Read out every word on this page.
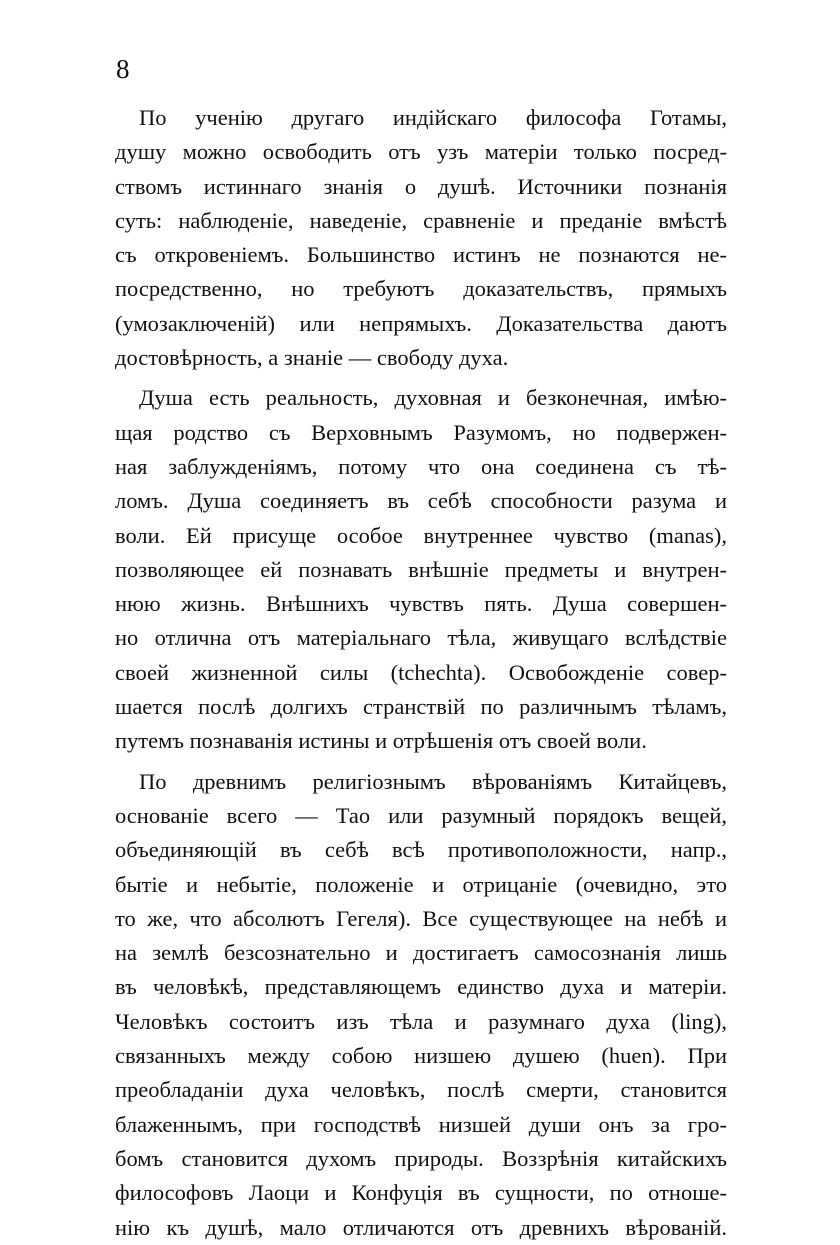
8
По ученію другаго индійскаго философа Готамы,
душу можно освободить отъ узъ матеріи только посред-
ствомъ истиннаго знанія о душѣ. Источники познанія
суть: наблюденіе, наведеніе, сравненіе и преданіе вмѣстѣ
съ откровеніемъ. Большинство истинъ не познаются не-
посредственно, но требуютъ доказательствъ, прямыхъ
(умозаключеній) или непрямыхъ. Доказательства даютъ
достовѣрность, а знаніе — свободу духа.
Душа есть реальность, духовная и безконечная, имѣю-
щая родство съ Верховнымъ Разумомъ, но подвержен-
ная заблужденіямъ, потому что она соединена съ тѣ-
ломъ. Душа соединяетъ въ себѣ способности разума и
воли. Ей присуще особое внутреннее чувство (manas),
позволяющее ей познавать внѣшніе предметы и внутрен-
нюю жизнь. Внѣшнихъ чувствъ пять. Душа совершен-
но отлична отъ матеріальнаго тѣла, живущаго вслѣдствіе
своей жизненной силы (tchechta). Освобожденіе совер-
шается послѣ долгихъ странствій по различнымъ тѣламъ,
путемъ познаванія истины и отрѣшенія отъ своей воли.
По древнимъ религіознымъ вѣрованіямъ Китайцевъ,
основаніе всего — Тао или разумный порядокъ вещей,
объединяющій въ себѣ всѣ противоположности, напр.,
бытіе и небытіе, положеніе и отрицаніе (очевидно, это
то же, что абсолютъ Гегеля). Все существующее на небѣ и
на землѣ безсознательно и достигаетъ самосознанія лишь
въ человѣкѣ, представляющемъ единство духа и матеріи.
Человѣкъ состоитъ изъ тѣла и разумнаго духа (ling),
связанныхъ между собою низшею душею (huen). При
преобладаніи духа человѣкъ, послѣ смерти, становится
блаженнымъ, при господствѣ низшей души онъ за гро-
бомъ становится духомъ природы. Воззрѣнія китайскихъ
философовъ Лаоци и Конфуція въ сущности, по отноше-
нію къ душѣ, мало отличаются отъ древнихъ вѣрованій.
